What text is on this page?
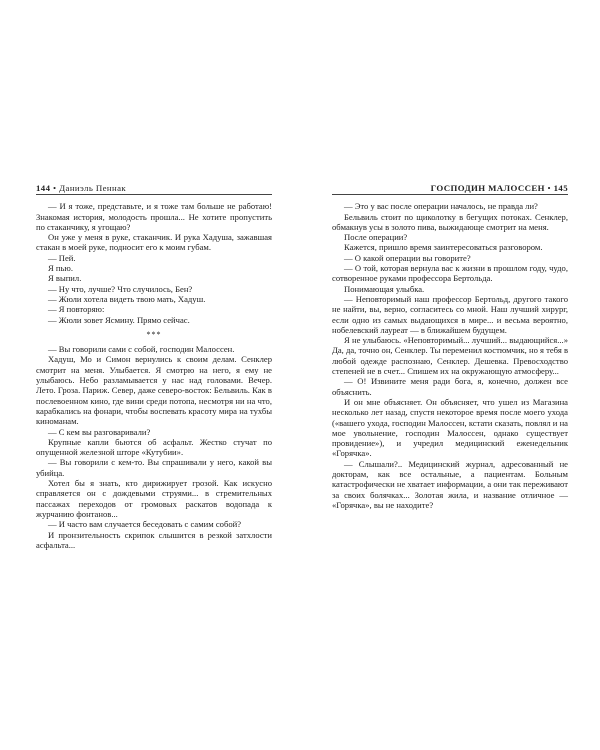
144 • Даниэль Пеннак

— И я тоже, представьте, и я тоже там больше не работаю! Знакомая история, молодость прошла... Не хотите пропустить по стаканчику, я угощаю?

Он уже у меня в руке, стаканчик. И рука Хадуша, зажавшая стакан в моей руке, подносит его к моим губам.

— Пей.

Я пью.

Я выпил.

— Ну что, лучше? Что случилось, Бен?

— Жюли хотела видеть твою мать, Хадуш.

— Я повторяю:

— Жюли зовет Ясмину. Прямо сейчас.

***

— Вы говорили сами с собой, господин Малоссен.

Хадуш, Мо и Симон вернулись к своим делам. Сенклер смотрит на меня. Улыбается. Я смотрю на него, я ему не улыбаюсь. Небо разламывается у нас над головами. Вечер. Лето. Гроза. Париж. Север, даже северо-восток: Бельвиль. Как в послевоенном кино, где вини среди потопа, несмотря ни на что, карабкались на фонари, чтобы воспевать красоту мира на тухбы киноманам.

— С кем вы разговаривали?

Крупные капли бьются об асфальт. Жестко стучат по опущенной железной шторе «Кутубии».

— Вы говорили с кем-то. Вы спрашивали у него, какой вы убийца.

Хотел бы я знать, кто дирижирует грозой. Как искусно справляется он с дождевыми струями... в стремительных пассажах переходов от громовых раскатов водопада к журчанию фонтанов...

— И часто вам случается беседовать с самим собой?

И пронзительность скрипок слышится в резкой затхлости асфальта...

ГОСПОДИН МАЛОССЕН • 145

— Это у вас после операции началось, не правда ли?

Бельвиль стоит по щиколотку в бегущих потоках. Сенклер, обмакнув усы в золото пива, выжидающе смотрит на меня.

После операции?

Кажется, пришло время заинтересоваться разговором.

— О какой операции вы говорите?

— О той, которая вернула вас к жизни в прошлом году, чудо, сотворенное руками профессора Бертольда.

Понимающая улыбка.

— Неповторимый наш профессор Бертольд, другого такого не найти, вы, верно, согласитесь со мной. Наш лучший хирург, если одно из самых выдающихся в мире... и весьма вероятно, нобелевский лауреат — в ближайшем будущем.

Я не улыбаюсь. «Неповторимый... лучший... выдающийся...» Да, да, точно он, Сенклер. Ты переменил костюмчик, но я тебя в любой одежде распознаю, Сенклер. Дешевка. Превосходство степеней не в счет... Спишем их на окружающую атмосферу...

— О! Извините меня ради бога, я, конечно, должен все объяснить.

И он мне объясняет. Он объясняет, что ушел из Магазина несколько лет назад, спустя некоторое время после моего ухода («вашего ухода, господин Малоссен, кстати сказать, повлял и на мое увольнение, господин Малоссен, однако существует провидение»), и учредил медицинский еженедельник «Горячка».

— Слышали?.. Медицинский журнал, адресованный не докторам, как все остальные, а пациентам. Больным катастрофически не хватает информации, а они так переживают за своих болячках... Золотая жила, и название отличное — «Горячка», вы не находите?
